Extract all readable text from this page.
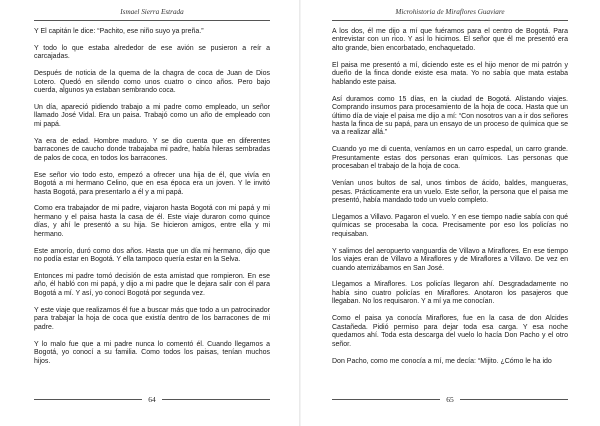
Ismael Sierra Estrada

Y El capitán le dice: “Pachito, ese niño suyo ya preña.”

Y todo lo que estaba alrededor de ese avión se pusieron a reír a carcajadas.

Después de noticia de la quema de la chagra de coca de Juan de Dios Lotero. Quedó en silendo como unos cuatro o cinco años. Pero bajo cuerda, algunos ya estaban sembrando coca.

Un día, apareció pidiendo trabajo a mi padre como empleado, un señor llamado José Vidal. Era un paisa. Trabajó como un año de empleado con mi papá.

Ya era de edad. Hombre maduro. Y se dio cuenta que en diferentes barracones de caucho donde trabajaba mi padre, había hileras sembradas de palos de coca, en todos los barracones.

Ese señor vio todo esto, empezó a ofrecer una hija de él, que vivía en Bogotá a mi hermano Celino, que en esa época era un joven. Y le invitó hasta Bogotá, para presentarlo a él y a mi papá.

Como era trabajador de mi padre, viajaron hasta Bogotá con mi papá y mi hermano y el paisa hasta la casa de él. Este viaje duraron como quince días, y ahí le presentó a su hija. Se hicieron amigos, entre ella y mi hermano.

Este amorío, duró como dos años. Hasta que un día mi hermano, dijo que no podía estar en Bogotá. Y ella tampoco quería estar en la Selva.

Entonces mi padre tomó decisión de esta amistad que rompieron. En ese año, él habló con mi papá, y dijo a mi padre que le dejara salir con él para Bogotá a mí. Y así, yo conocí Bogotá por segunda vez.

Y este viaje que realizamos él fue a buscar más que todo a un patrocinador para trabajar la hoja de coca que existía dentro de los barracones de mi padre.

Y lo malo fue que a mi padre nunca lo comentó él. Cuando llegamos a Bogotá, yo conocí a su familia. Como todos los paisas, tenían muchos hijos.

64
Microhistoria de Miraflores Guaviare

A los dos, él me dijo a mí que fuéramos para el centro de Bogotá. Para entrevistar con un rico. Y así lo hicimos. El señor que él me presentó era alto grande, bien encorbatado, enchaquetado.

El paisa me presentó a mí, diciendo este es el hijo menor de mi patrón y dueño de la finca donde existe esa mata. Yo no sabía que mata estaba hablando este paisa.

Así duramos como 15 días, en la ciudad de Bogotá. Alistando viajes. Comprando insumos para procesamiento de la hoja de coca. Hasta que un último día de viaje el paisa me dijo a mí: “Con nosotros van a ir dos señores hasta la finca de su papá, para un ensayo de un proceso de química que se va a realizar allá.”

Cuando yo me di cuenta, veníamos en un carro espedal, un carro grande. Presuntamente estas dos personas eran químicos. Las personas que procesaban el trabajo de la hoja de coca.

Venían unos bultos de sal, unos timbos de ácido, baldes, mangueras, pesas. Prácticamente era un vuelo. Este señor, la persona que el paisa me presentó, había mandado todo un vuelo completo.

Llegamos a Villavo. Pagaron el vuelo. Y en ese tiempo nadie sabía con qué químicas se procesaba la coca. Precisamente por eso los policías no requisaban.

Y salimos del aeropuerto vanguardia de Villavo a Miraflores. En ese tiempo los viajes eran de Villavo a Miraflores y de Miraflores a Villavo. De vez en cuando aterrizábamos en San José.

Llegamos a Miraflores. Los policías llegaron ahí. Desgradadamente no había sino cuatro policías en Miraflores. Anotaron los pasajeros que llegaban. No los requisaron. Y a mí ya me conocían.

Como el paisa ya conocía Miraflores, fue en la casa de don Alcides Castañeda. Pidió permiso para dejar toda esa carga. Y esa noche quedamos ahí. Toda esta descarga del vuelo lo hacía Don Pacho y el otro señor.

Don Pacho, como me conocía a mí, me decía: “Mijito. ¿Cómo le ha ido

65
